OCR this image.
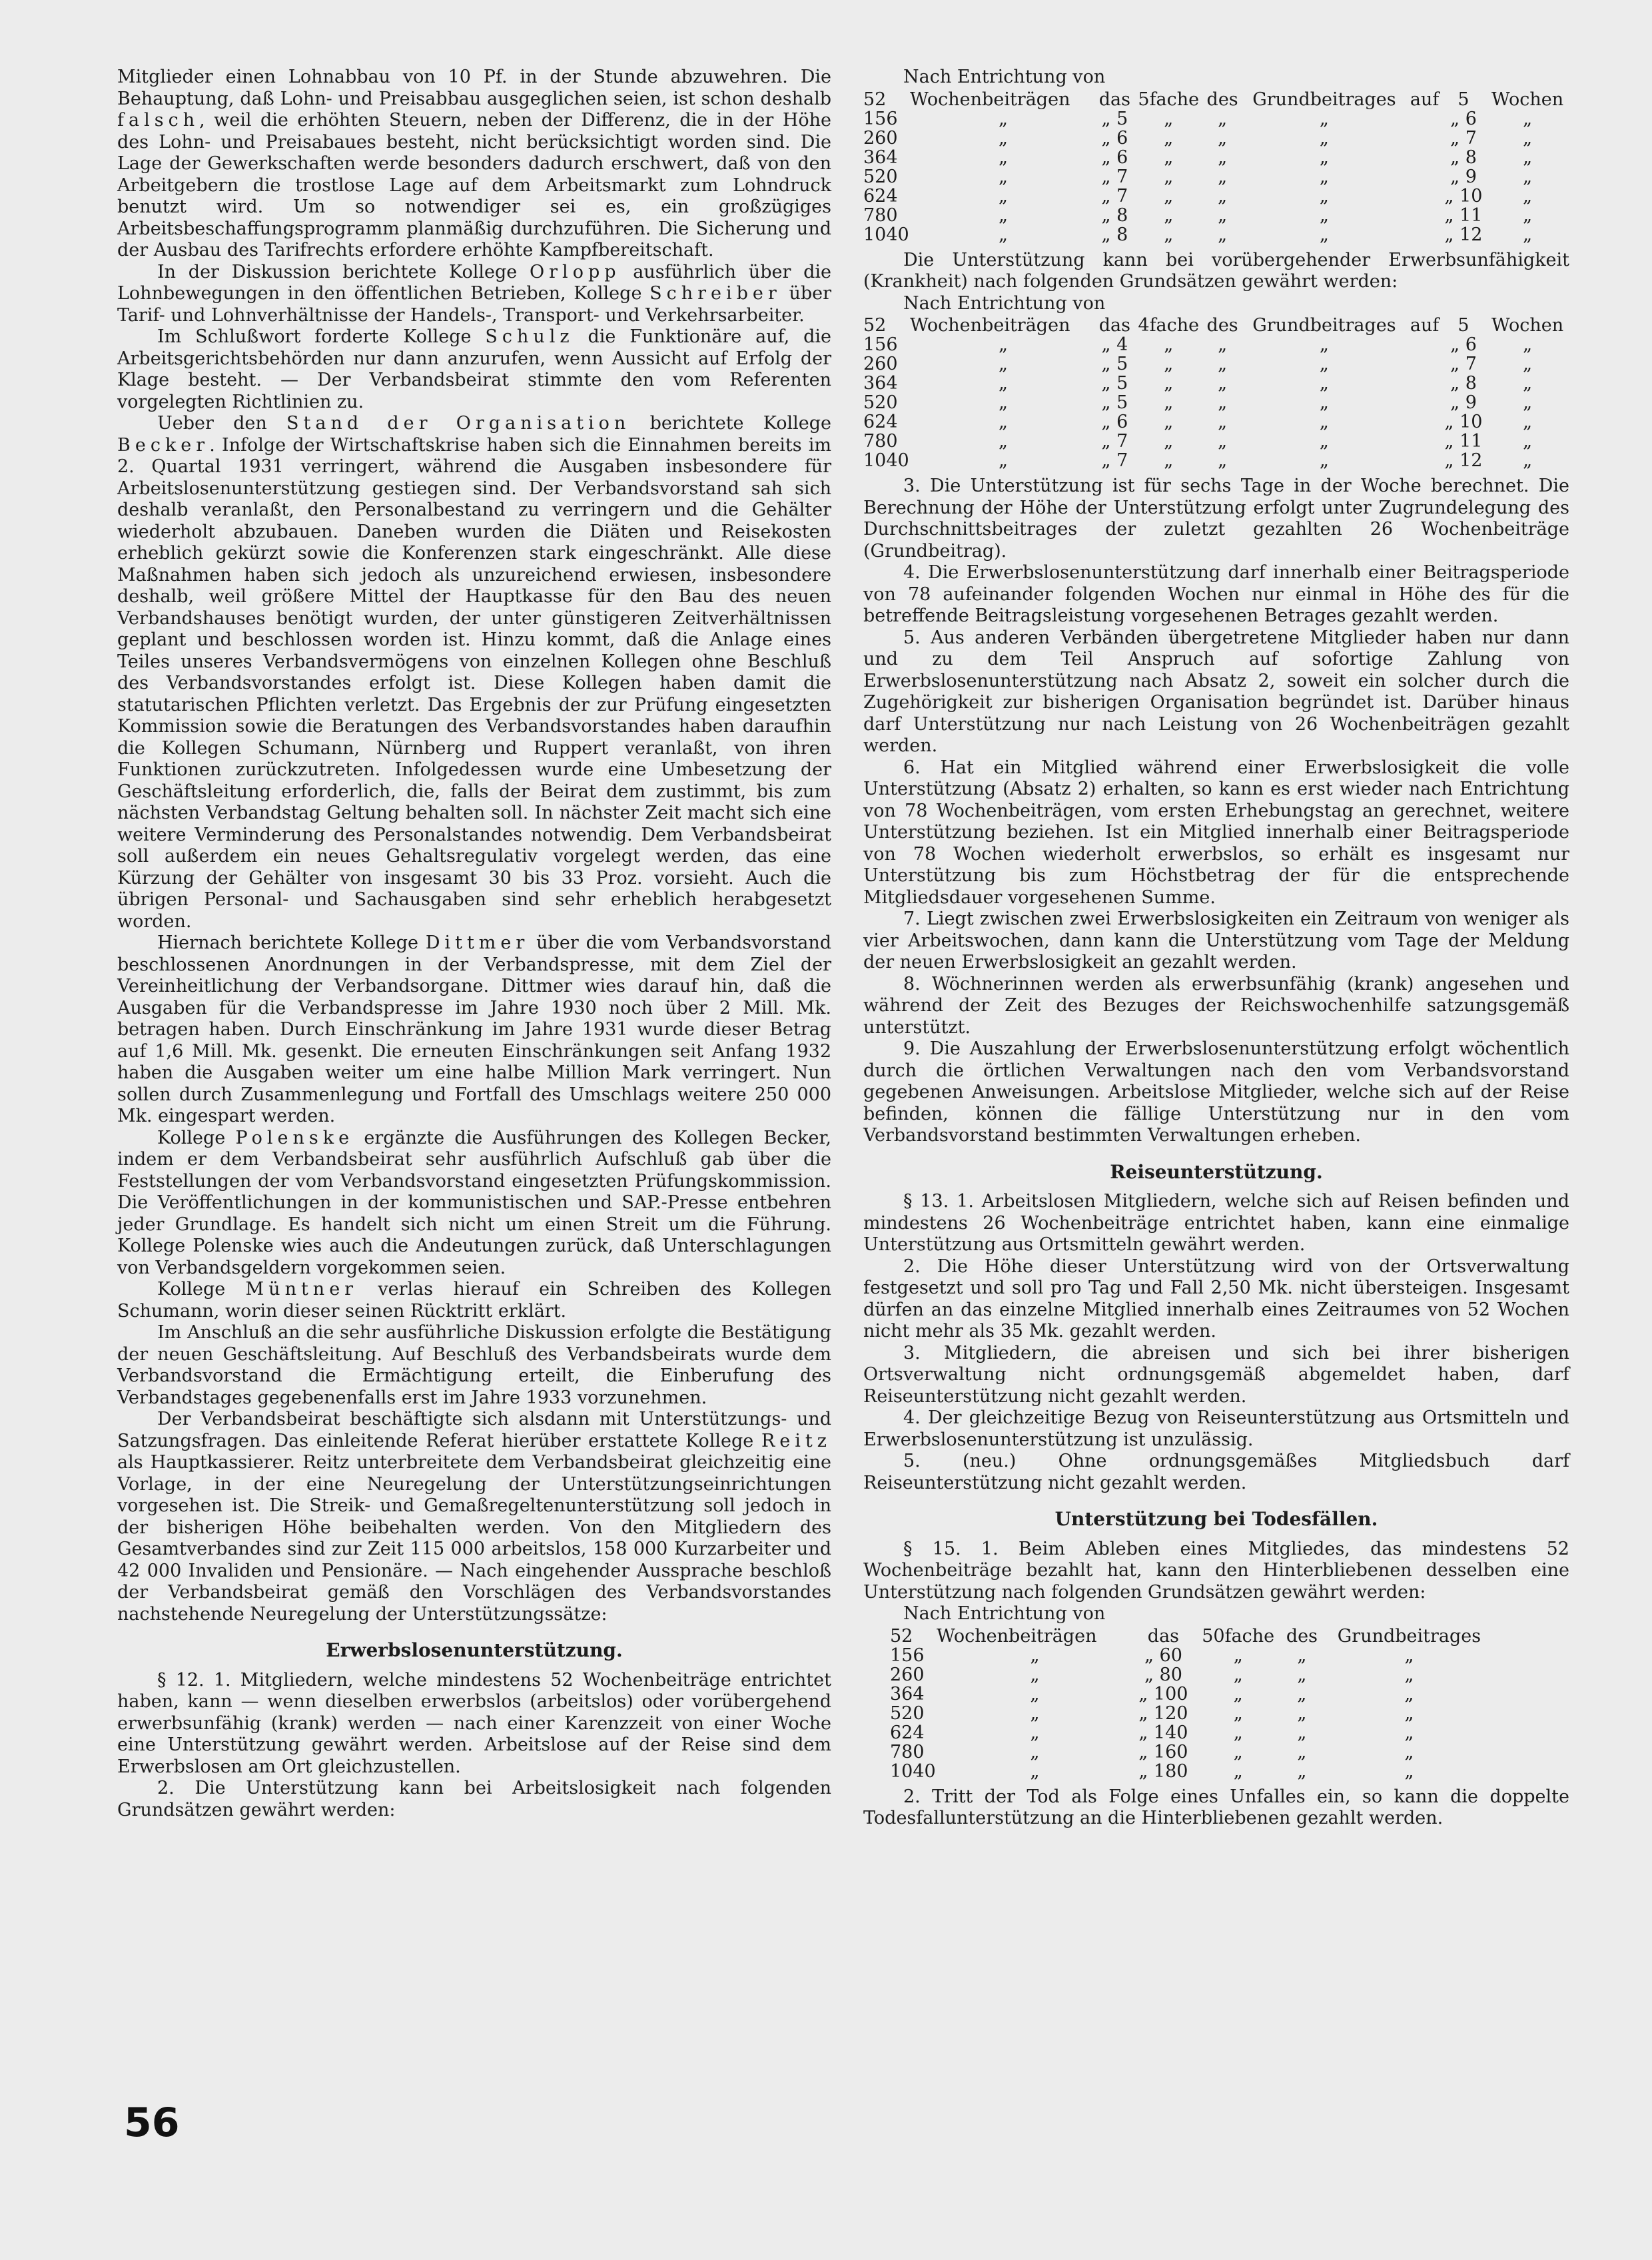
Mitglieder einen Lohnabbau von 10 Pf. in der Stunde abzuwehren. Die Behauptung, daß Lohn- und Preisabbau ausgeglichen seien, ist schon deshalb falsch, weil die erhöhten Steuern, neben der Differenz, die in der Höhe des Lohn- und Preisabaues besteht, nicht berücksichtigt worden sind. Die Lage der Gewerkschaften werde besonders dadurch erschwert, daß von den Arbeitgebern die trostlose Lage auf dem Arbeitsmarkt zum Lohndruck benutzt wird. Um so notwendiger sei es, ein großzügiges Arbeitsbeschaffungsprogramm planmäßig durchzuführen. Die Sicherung und der Ausbau des Tarifrechts erfordere erhöhte Kampfbereitschaft.

In der Diskussion berichtete Kollege Orlopp ausführlich über die Lohnbewegungen in den öffentlichen Betrieben, Kollege Schreiber über Tarif- und Lohnverhältnisse der Handels-, Transport- und Verkehrsarbeiter.

Im Schlußwort forderte Kollege Schulz die Funktionäre auf, die Arbeitsgerichtsbehörden nur dann anzurufen, wenn Aussicht auf Erfolg der Klage besteht. — Der Verbandsbeirat stimmte den vom Referenten vorgelegten Richtlinien zu.

Ueber den Stand der Organisation berichtete Kollege Becker. Infolge der Wirtschaftskrise haben sich die Einnahmen bereits im 2. Quartal 1931 verringert, während die Ausgaben insbesondere für Arbeitslosenunterstützung gestiegen sind. Der Verbandsvorstand sah sich deshalb veranlaßt, den Personalbestand zu verringern und die Gehälter wiederholt abzubauen. Daneben wurden die Diäten und Reisekosten erheblich gekürzt sowie die Konferenzen stark eingeschränkt. Alle diese Maßnahmen haben sich jedoch als unzureichend erwiesen, insbesondere deshalb, weil größere Mittel der Hauptkasse für den Bau des neuen Verbandshauses benötigt wurden, der unter günstigeren Zeitverhältnissen geplant und beschlossen worden ist. Hinzu kommt, daß die Anlage eines Teiles unseres Verbandsvermögens von einzelnen Kollegen ohne Beschluß des Verbandsvorstandes erfolgt ist. Diese Kollegen haben damit die statutarischen Pflichten verletzt. Das Ergebnis der zur Prüfung eingesetzten Kommission sowie die Beratungen des Verbandsvorstandes haben daraufhin die Kollegen Schumann, Nürnberg und Ruppert veranlaßt, von ihren Funktionen zurückzutreten. Infolgedessen wurde eine Umbesetzung der Geschäftsleitung erforderlich, die, falls der Beirat dem zustimmt, bis zum nächsten Verbandstag Geltung behalten soll. In nächster Zeit macht sich eine weitere Verminderung des Personalstandes notwendig. Dem Verbandsbeirat soll außerdem ein neues Gehaltsregulativ vorgelegt werden, das eine Kürzung der Gehälter von insgesamt 30 bis 33 Proz. vorsieht. Auch die übrigen Personal- und Sachausgaben sind sehr erheblich herabgesetzt worden.

Hiernach berichtete Kollege Dittmer über die vom Verbandsvorstand beschlossenen Anordnungen in der Verbandspresse, mit dem Ziel der Vereinheitlichung der Verbandsorgane. Dittmer wies darauf hin, daß die Ausgaben für die Verbandspresse im Jahre 1930 noch über 2 Mill. Mk. betragen haben. Durch Einschränkung im Jahre 1931 wurde dieser Betrag auf 1,6 Mill. Mk. gesenkt. Die erneuten Einschränkungen seit Anfang 1932 haben die Ausgaben weiter um eine halbe Million Mark verringert. Nun sollen durch Zusammenlegung und Fortfall des Umschlags weitere 250 000 Mk. eingespart werden.

Kollege Polenske ergänzte die Ausführungen des Kollegen Becker, indem er dem Verbandsbeirat sehr ausführlich Aufschluß gab über die Feststellungen der vom Verbandsvorstand eingesetzten Prüfungskommission. Die Veröffentlichungen in der kommunistischen und SAP.-Presse entbehren jeder Grundlage. Es handelt sich nicht um einen Streit um die Führung. Kollege Polenske wies auch die Andeutungen zurück, daß Unterschlagungen von Verbandsgeldern vorgekommen seien.

Kollege Müntner verlas hierauf ein Schreiben des Kollegen Schumann, worin dieser seinen Rücktritt erklärt.

Im Anschluß an die sehr ausführliche Diskussion erfolgte die Bestätigung der neuen Geschäftsleitung. Auf Beschluß des Verbandsbeirats wurde dem Verbandsvorstand die Ermächtigung erteilt, die Einberufung des Verbandstages gegebenenfalls erst im Jahre 1933 vorzunehmen.

Der Verbandsbeirat beschäftigte sich alsdann mit Unterstützungs- und Satzungsfragen. Das einleitende Referat hierüber erstattete Kollege Reitz als Hauptkassierer. Reitz unterbreitete dem Verbandsbeirat gleichzeitig eine Vorlage, in der eine Neuregelung der Unterstützungseinrichtungen vorgesehen ist. Die Streik- und Gemaßregeltenunterstützung soll jedoch in der bisherigen Höhe beibehalten werden. Von den Mitgliedern des Gesamtverbandes sind zur Zeit 115 000 arbeitslos, 158 000 Kurzarbeiter und 42 000 Invaliden und Pensionäre. — Nach eingehender Aussprache beschloß der Verbandsbeirat gemäß den Vorschlägen des Verbandsvorstandes nachstehende Neuregelung der Unterstützungssätze:

Erwerbslosenunterstützung.

§ 12. 1. Mitgliedern, welche mindestens 52 Wochenbeiträge entrichtet haben, kann — wenn dieselben erwerbslos (arbeitslos) oder vorübergehend erwerbsunfähig (krank) werden — nach einer Karenzzeit von einer Woche eine Unterstützung gewährt werden. Arbeitslose auf der Reise sind dem Erwerbslosen am Ort gleichzustellen.

2. Die Unterstützung kann bei Arbeitslosigkeit nach folgenden Grundsätzen gewährt werden:

Nach Entrichtung von

52	Wochenbeiträgen	das	5fache	des	Grundbeitrages	auf	5	Wochen
156	„	„ 5	„	„	„		„ 6	„
260	„	„ 6	„	„	„		„ 7	„
364	„	„ 6	„	„	„		„ 8	„
520	„	„ 7	„	„	„		„ 9	„
624	„	„ 7	„	„	„		„ 10	„
780	„	„ 8	„	„	„		„ 11	„
1040	„	„ 8	„	„	„		„ 12	„

Die Unterstützung kann bei vorübergehender Erwerbsunfähigkeit (Krankheit) nach folgenden Grundsätzen gewährt werden:

Nach Entrichtung von

52	Wochenbeiträgen	das	4fache	des	Grundbeitrages	auf	5	Wochen
156	„	„ 4	„	„	„		„ 6	„
260	„	„ 5	„	„	„		„ 7	„
364	„	„ 5	„	„	„		„ 8	„
520	„	„ 5	„	„	„		„ 9	„
624	„	„ 6	„	„	„		„ 10	„
780	„	„ 7	„	„	„		„ 11	„
1040	„	„ 7	„	„	„		„ 12	„

3. Die Unterstützung ist für sechs Tage in der Woche berechnet. Die Berechnung der Höhe der Unterstützung erfolgt unter Zugrundelegung des Durchschnittsbeitrages der zuletzt gezahlten 26 Wochenbeiträge (Grundbeitrag).

4. Die Erwerbslosenunterstützung darf innerhalb einer Beitragsperiode von 78 aufeinander folgenden Wochen nur einmal in Höhe des für die betreffende Beitragsleistung vorgesehenen Betrages gezahlt werden.

5. Aus anderen Verbänden übergetretene Mitglieder haben nur dann und zu dem Teil Anspruch auf sofortige Zahlung von Erwerbslosenunterstützung nach Absatz 2, soweit ein solcher durch die Zugehörigkeit zur bisherigen Organisation begründet ist. Darüber hinaus darf Unterstützung nur nach Leistung von 26 Wochenbeiträgen gezahlt werden.

6. Hat ein Mitglied während einer Erwerbslosigkeit die volle Unterstützung (Absatz 2) erhalten, so kann es erst wieder nach Entrichtung von 78 Wochenbeiträgen, vom ersten Erhebungstag an gerechnet, weitere Unterstützung beziehen. Ist ein Mitglied innerhalb einer Beitragsperiode von 78 Wochen wiederholt erwerbslos, so erhält es insgesamt nur Unterstützung bis zum Höchstbetrag der für die entsprechende Mitgliedsdauer vorgesehenen Summe.

7. Liegt zwischen zwei Erwerbslosigkeiten ein Zeitraum von weniger als vier Arbeitswochen, dann kann die Unterstützung vom Tage der Meldung der neuen Erwerbslosigkeit an gezahlt werden.

8. Wöchnerinnen werden als erwerbsunfähig (krank) angesehen und während der Zeit des Bezuges der Reichswochenhilfe satzungsgemäß unterstützt.

9. Die Auszahlung der Erwerbslosenunterstützung erfolgt wöchentlich durch die örtlichen Verwaltungen nach den vom Verbandsvorstand gegebenen Anweisungen. Arbeitslose Mitglieder, welche sich auf der Reise befinden, können die fällige Unterstützung nur in den vom Verbandsvorstand bestimmten Verwaltungen erheben.

Reiseunterstützung.

§ 13. 1. Arbeitslosen Mitgliedern, welche sich auf Reisen befinden und mindestens 26 Wochenbeiträge entrichtet haben, kann eine einmalige Unterstützung aus Ortsmitteln gewährt werden.

2. Die Höhe dieser Unterstützung wird von der Ortsverwaltung festgesetzt und soll pro Tag und Fall 2,50 Mk. nicht übersteigen. Insgesamt dürfen an das einzelne Mitglied innerhalb eines Zeitraumes von 52 Wochen nicht mehr als 35 Mk. gezahlt werden.

3. Mitgliedern, die abreisen und sich bei ihrer bisherigen Ortsverwaltung nicht ordnungsgemäß abgemeldet haben, darf Reiseunterstützung nicht gezahlt werden.

4. Der gleichzeitige Bezug von Reiseunterstützung aus Ortsmitteln und Erwerbslosenunterstützung ist unzulässig.

5. (neu.) Ohne ordnungsgemäßes Mitgliedsbuch darf Reiseunterstützung nicht gezahlt werden.

Unterstützung bei Todesfällen.

§ 15. 1. Beim Ableben eines Mitgliedes, das mindestens 52 Wochenbeiträge bezahlt hat, kann den Hinterbliebenen desselben eine Unterstützung nach folgenden Grundsätzen gewährt werden:

Nach Entrichtung von

52	Wochenbeiträgen	das	50fache	des	Grundbeitrages
156	„	„ 60	„	„	„
260	„	„ 80	„	„	„
364	„	„ 100	„	„	„
520	„	„ 120	„	„	„
624	„	„ 140	„	„	„
780	„	„ 160	„	„	„
1040	„	„ 180	„	„	„

2. Tritt der Tod als Folge eines Unfalles ein, so kann die doppelte Todesfallunterstützung an die Hinterbliebenen gezahlt werden.

56
